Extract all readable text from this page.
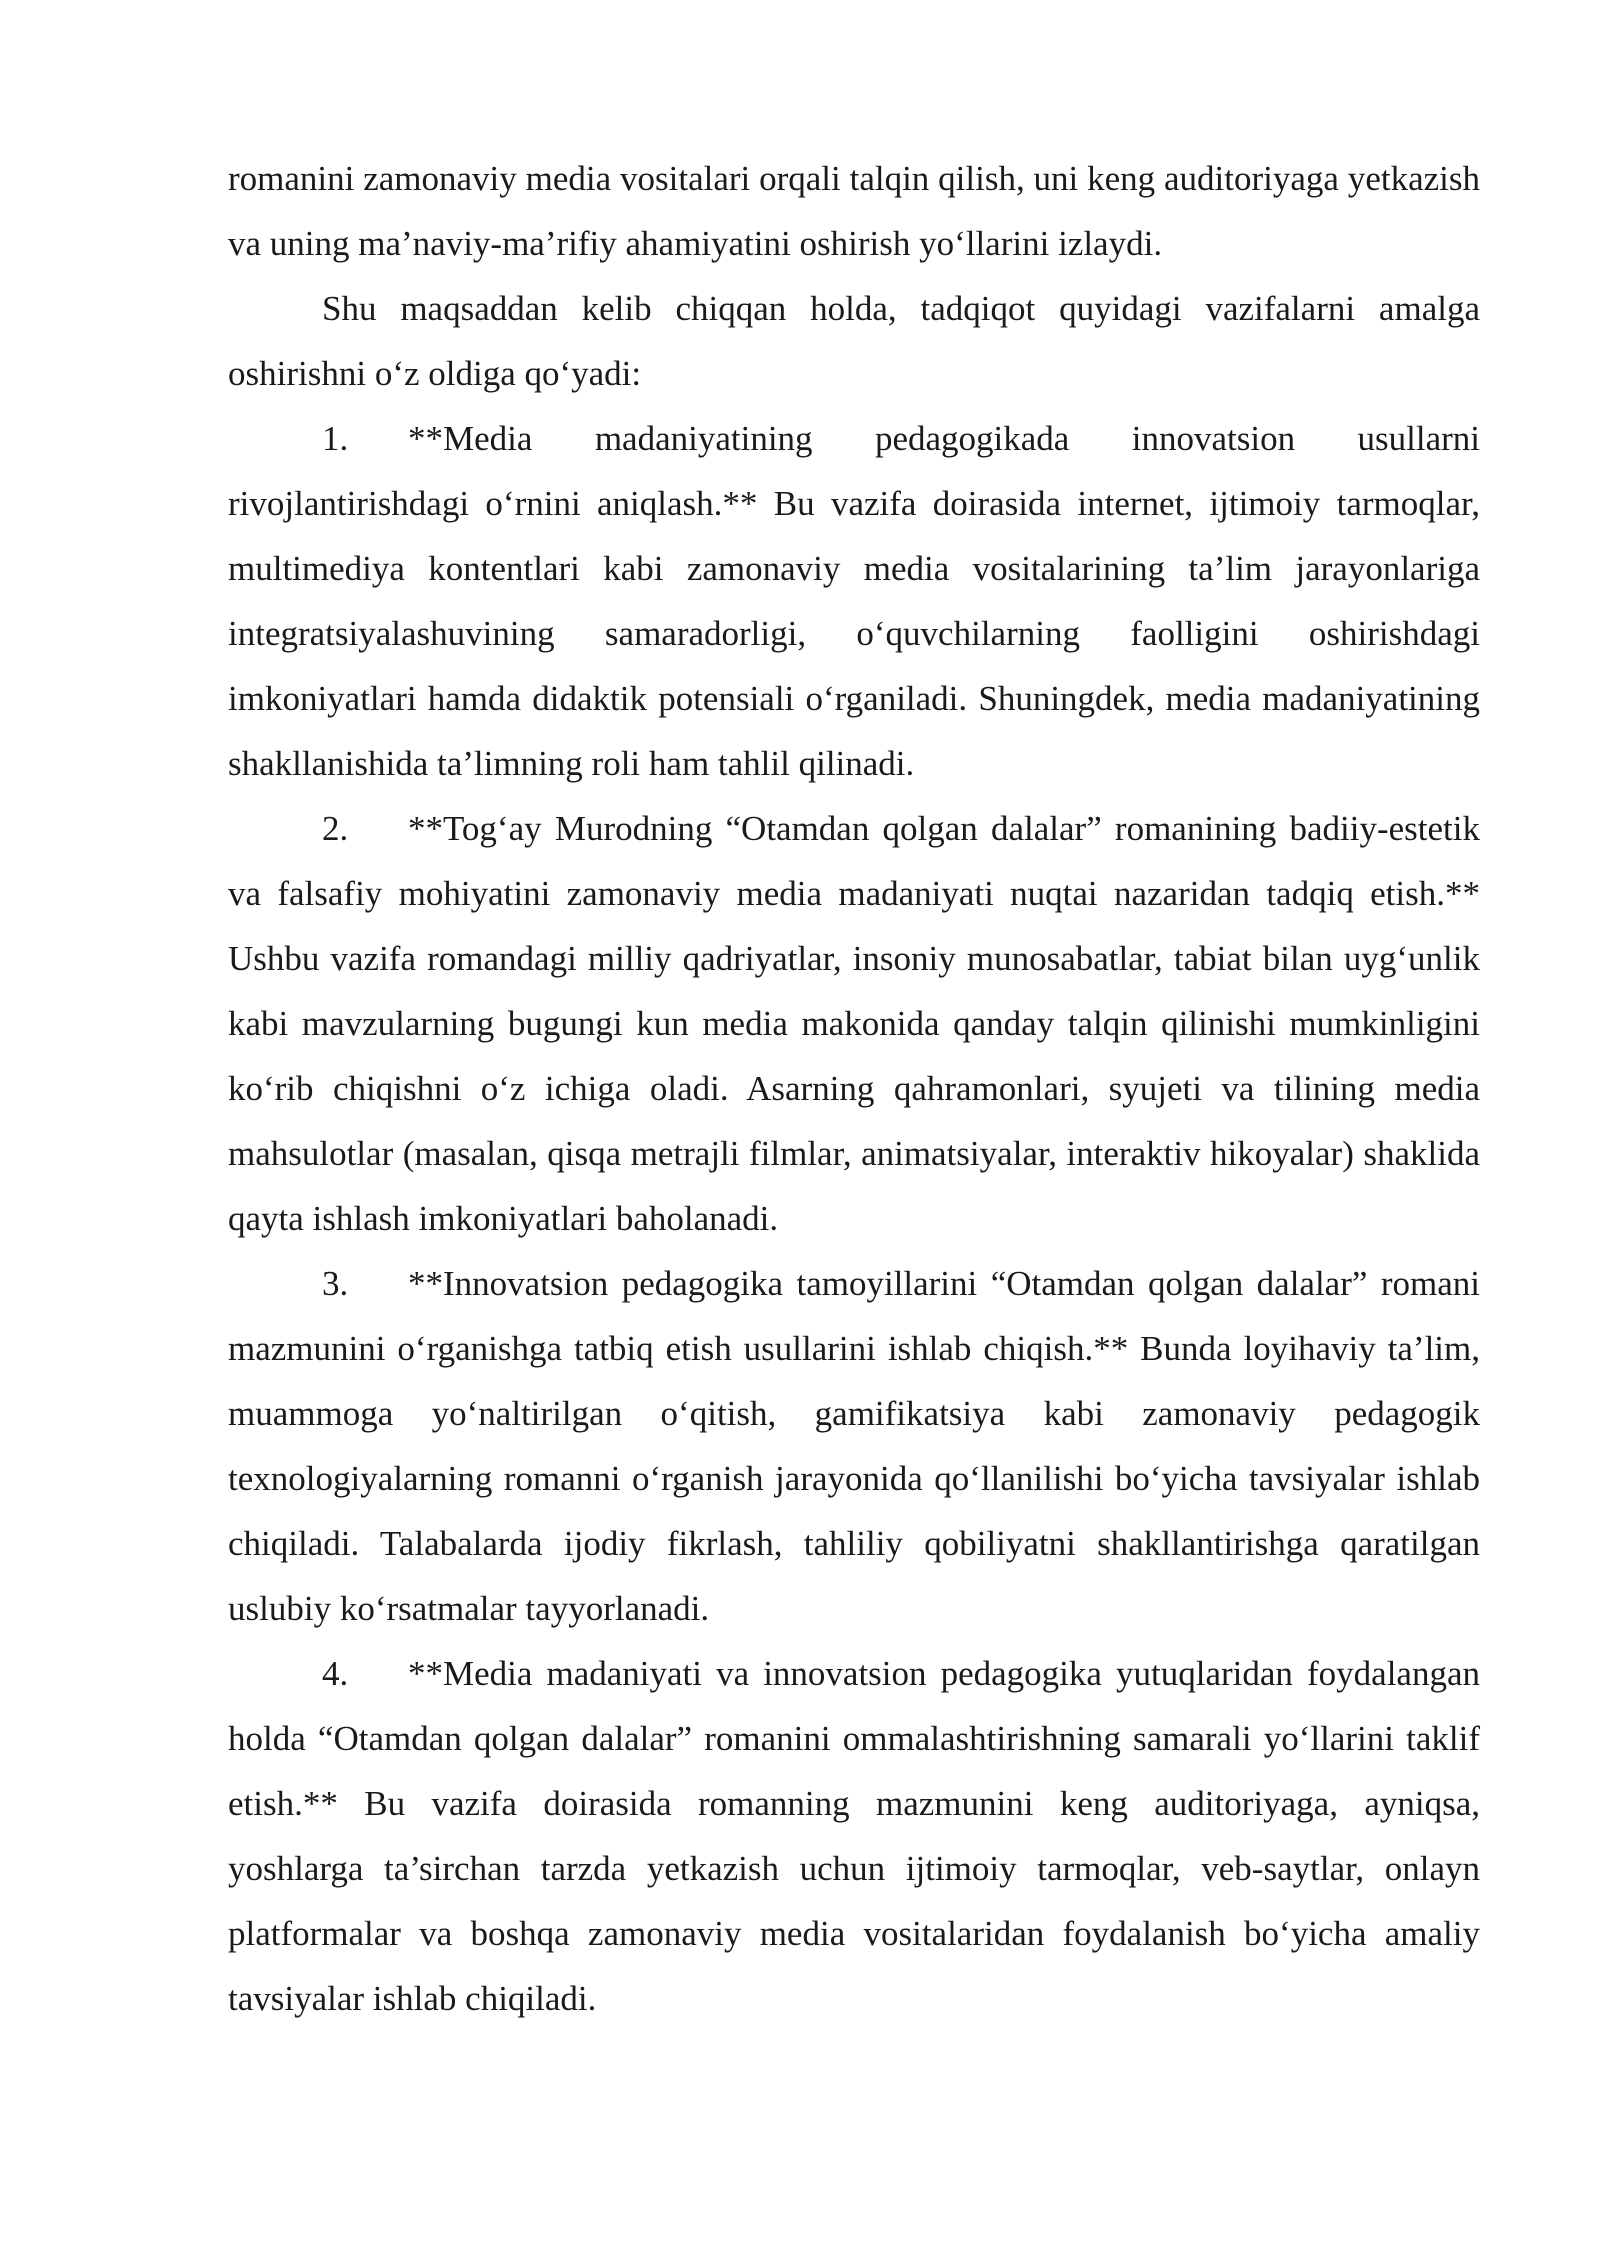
romanini zamonaviy media vositalari orqali talqin qilish, uni keng auditoriyaga yetkazish va uning ma’naviy-ma’rifiy ahamiyatini oshirish yo‘llarini izlaydi.

Shu maqsaddan kelib chiqqan holda, tadqiqot quyidagi vazifalarni amalga oshirishni o‘z oldiga qo‘yadi:

1. **Media madaniyatining pedagogikada innovatsion usullarni rivojlantirishdagi o‘rnini aniqlash.** Bu vazifa doirasida internet, ijtimoiy tarmoqlar, multimediya kontentlari kabi zamonaviy media vositalarining ta’lim jarayonlariga integratsiyalashuvining samaradorligi, o‘quvchilarning faolligini oshirishdagi imkoniyatlari hamda didaktik potensiali o‘rganiladi. Shuningdek, media madaniyatining shakllanishida ta’limning roli ham tahlil qilinadi.

2. **Tog‘ay Murodning “Otamdan qolgan dalalar” romanining badiiy-estetik va falsafiy mohiyatini zamonaviy media madaniyati nuqtai nazaridan tadqiq etish.** Ushbu vazifa romandagi milliy qadriyatlar, insoniy munosabatlar, tabiat bilan uyg‘unlik kabi mavzularning bugungi kun media makonida qanday talqin qilinishi mumkinligini ko‘rib chiqishni o‘z ichiga oladi. Asarning qahramonlari, syujeti va tilining media mahsulotlar (masalan, qisqa metrajli filmlar, animatsiyalar, interaktiv hikoyalar) shaklida qayta ishlash imkoniyatlari baholanadi.

3. **Innovatsion pedagogika tamoyillarini “Otamdan qolgan dalalar” romani mazmunini o‘rganishga tatbiq etish usullarini ishlab chiqish.** Bunda loyihaviy ta’lim, muammoga yo‘naltirilgan o‘qitish, gamifikatsiya kabi zamonaviy pedagogik texnologiyalarning romanni o‘rganish jarayonida qo‘llanilishi bo‘yicha tavsiyalar ishlab chiqiladi. Talabalarda ijodiy fikrlash, tahliliy qobiliyatni shakllantirishga qaratilgan uslubiy ko‘rsatmalar tayyorlanadi.

4. **Media madaniyati va innovatsion pedagogika yutuqlaridan foydalangan holda “Otamdan qolgan dalalar” romanini ommalashtirishning samarali yo‘llarini taklif etish.** Bu vazifa doirasida romanning mazmunini keng auditoriyaga, ayniqsa, yoshlarga ta’sirchan tarzda yetkazish uchun ijtimoiy tarmoqlar, veb-saytlar, onlayn platformalar va boshqa zamonaviy media vositalaridan foydalanish bo‘yicha amaliy tavsiyalar ishlab chiqiladi.
